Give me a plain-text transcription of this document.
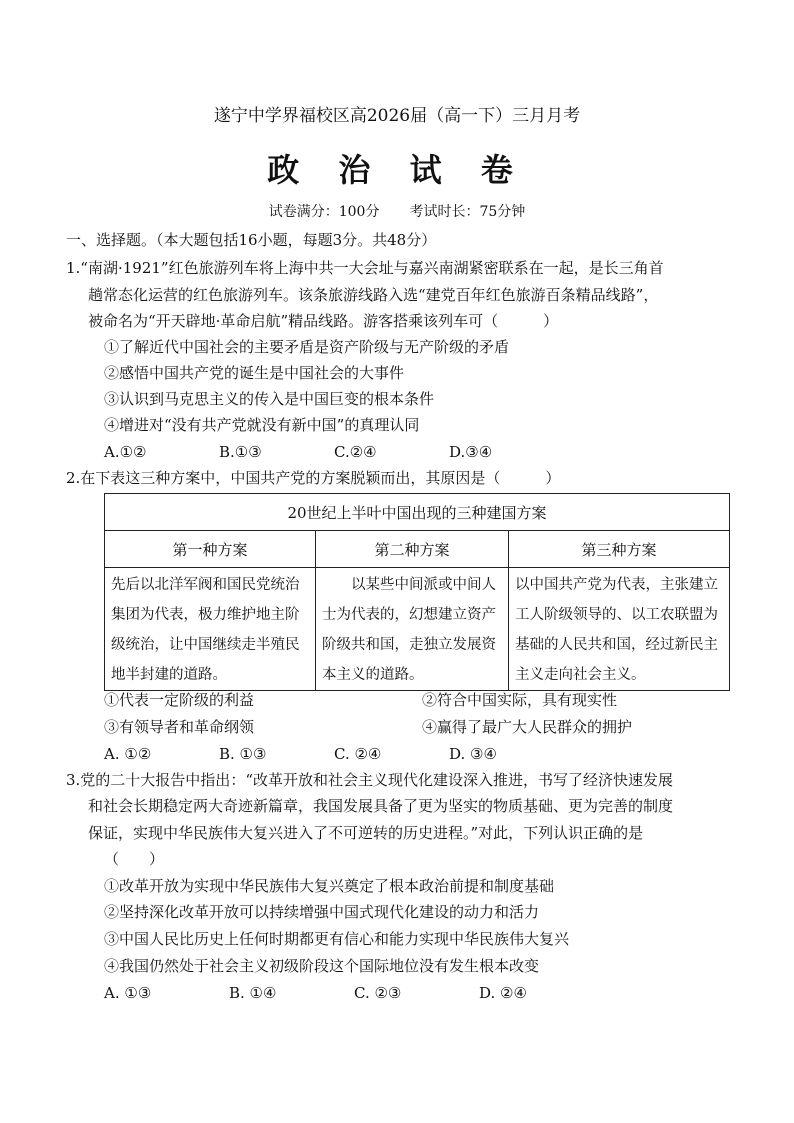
遂宁中学界福校区高2026届（高一下）三月月考
政 治 试 卷
试卷满分：100分 考试时长：75分钟
一、选择题。（本大题包括16小题，每题3分。共48分）
1.“南湖·1921”红色旅游列车将上海中共一大会址与嘉兴南湖紧密联系在一起，是长三角首
趟常态化运营的红色旅游列车。该条旅游线路入选“建党百年红色旅游百条精品线路”，
被命名为“开天辟地·革命启航”精品线路。游客搭乘该列车可（　　　）
①了解近代中国社会的主要矛盾是资产阶级与无产阶级的矛盾
②感悟中国共产党的诞生是中国社会的大事件
③认识到马克思主义的传入是中国巨变的根本条件
④增进对“没有共产党就没有新中国”的真理认同
A.①②	B.①③	C.②④	D.③④
2.在下表这三种方案中，中国共产党的方案脱颖而出，其原因是（　　　）
20世纪上半叶中国出现的三种建国方案		
第一种方案	第二种方案	第三种方案
先后以北洋军阀和国民党统治集团为代表，极力维护地主阶级统治，让中国继续走半殖民地半封建的道路。	以某些中间派或中间人士为代表的，幻想建立资产阶级共和国，走独立发展资本主义的道路。	以中国共产党为代表，主张建立工人阶级领导的、以工农联盟为基础的人民共和国，经过新民主主义走向社会主义。
①代表一定阶级的利益	②符合中国实际，具有现实性
③有领导者和革命纲领	④赢得了最广大人民群众的拥护
A. ①②	B. ①③	C. ②④	D. ③④
3.党的二十大报告中指出：“改革开放和社会主义现代化建设深入推进，书写了经济快速发展
和社会长期稳定两大奇迹新篇章，我国发展具备了更为坚实的物质基础、更为完善的制度
保证，实现中华民族伟大复兴进入了不可逆转的历史进程。”对此，下列认识正确的是
（　　）
①改革开放为实现中华民族伟大复兴奠定了根本政治前提和制度基础
②坚持深化改革开放可以持续增强中国式现代化建设的动力和活力
③中国人民比历史上任何时期都更有信心和能力实现中华民族伟大复兴
④我国仍然处于社会主义初级阶段这个国际地位没有发生根本改变
A. ①③	B. ①④	C. ②③	D. ②④
